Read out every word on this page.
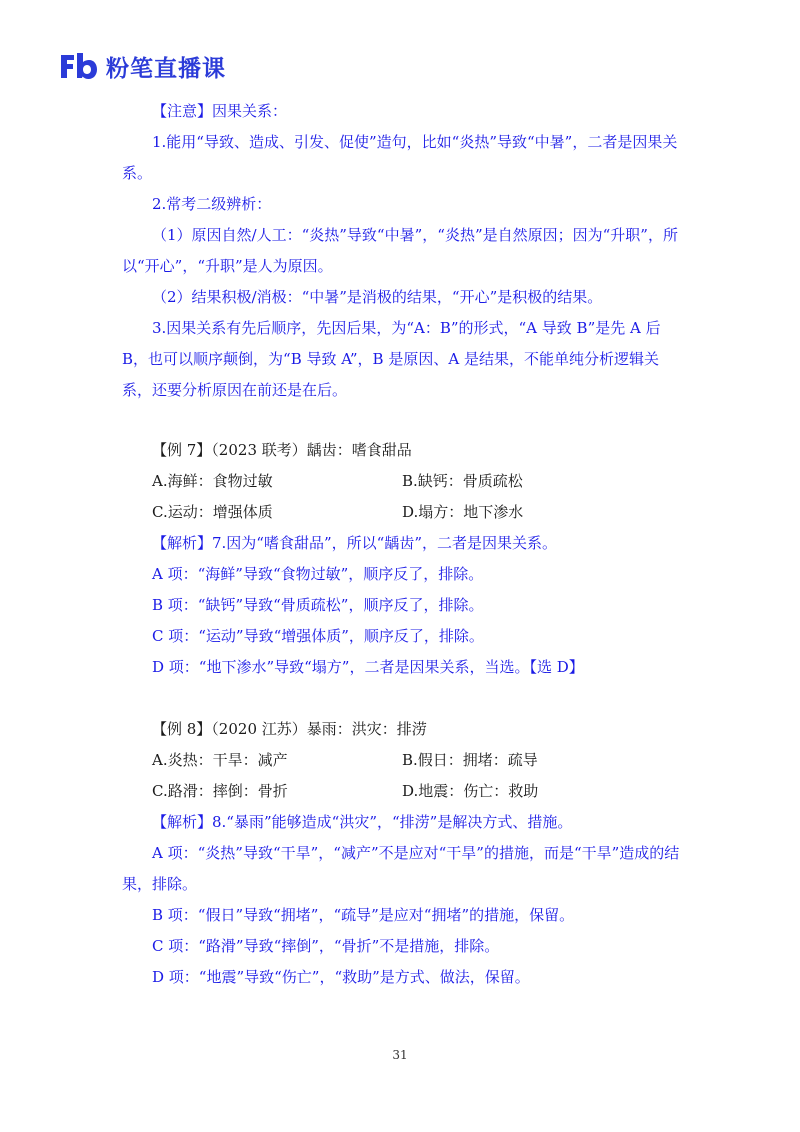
粉笔直播课

【注意】因果关系：

1.能用“导致、造成、引发、促使”造句，比如“炎热”导致“中暑”，二者是因果关系。

2.常考二级辨析：

（1）原因自然/人工：“炎热”导致“中暑”，“炎热”是自然原因；因为“升职”，所以“开心”，“升职”是人为原因。

（2）结果积极/消极：“中暑”是消极的结果，“开心”是积极的结果。

3.因果关系有先后顺序，先因后果，为“A：B”的形式，“A 导致 B”是先 A 后 B，也可以顺序颠倒，为“B 导致 A”，B 是原因、A 是结果，不能单纯分析逻辑关系，还要分析原因在前还是在后。

【例 7】（2023 联考）龋齿：嗜食甜品

A.海鲜：食物过敏	B.缺钙：骨质疏松
C.运动：增强体质	D.塌方：地下渗水

【解析】7.因为“嗜食甜品”，所以“龋齿”，二者是因果关系。

A 项：“海鲜”导致“食物过敏”，顺序反了，排除。

B 项：“缺钙”导致“骨质疏松”，顺序反了，排除。

C 项：“运动”导致“增强体质”，顺序反了，排除。

D 项：“地下渗水”导致“塌方”，二者是因果关系，当选。【选 D】

【例 8】（2020 江苏）暴雨：洪灾：排涝

A.炎热：干旱：减产	B.假日：拥堵：疏导
C.路滑：摔倒：骨折	D.地震：伤亡：救助

【解析】8.“暴雨”能够造成“洪灾”，“排涝”是解决方式、措施。

A 项：“炎热”导致“干旱”，“减产”不是应对“干旱”的措施，而是“干旱”造成的结果，排除。

B 项：“假日”导致“拥堵”，“疏导”是应对“拥堵”的措施，保留。

C 项：“路滑”导致“摔倒”，“骨折”不是措施，排除。

D 项：“地震”导致“伤亡”，“救助”是方式、做法，保留。

31
